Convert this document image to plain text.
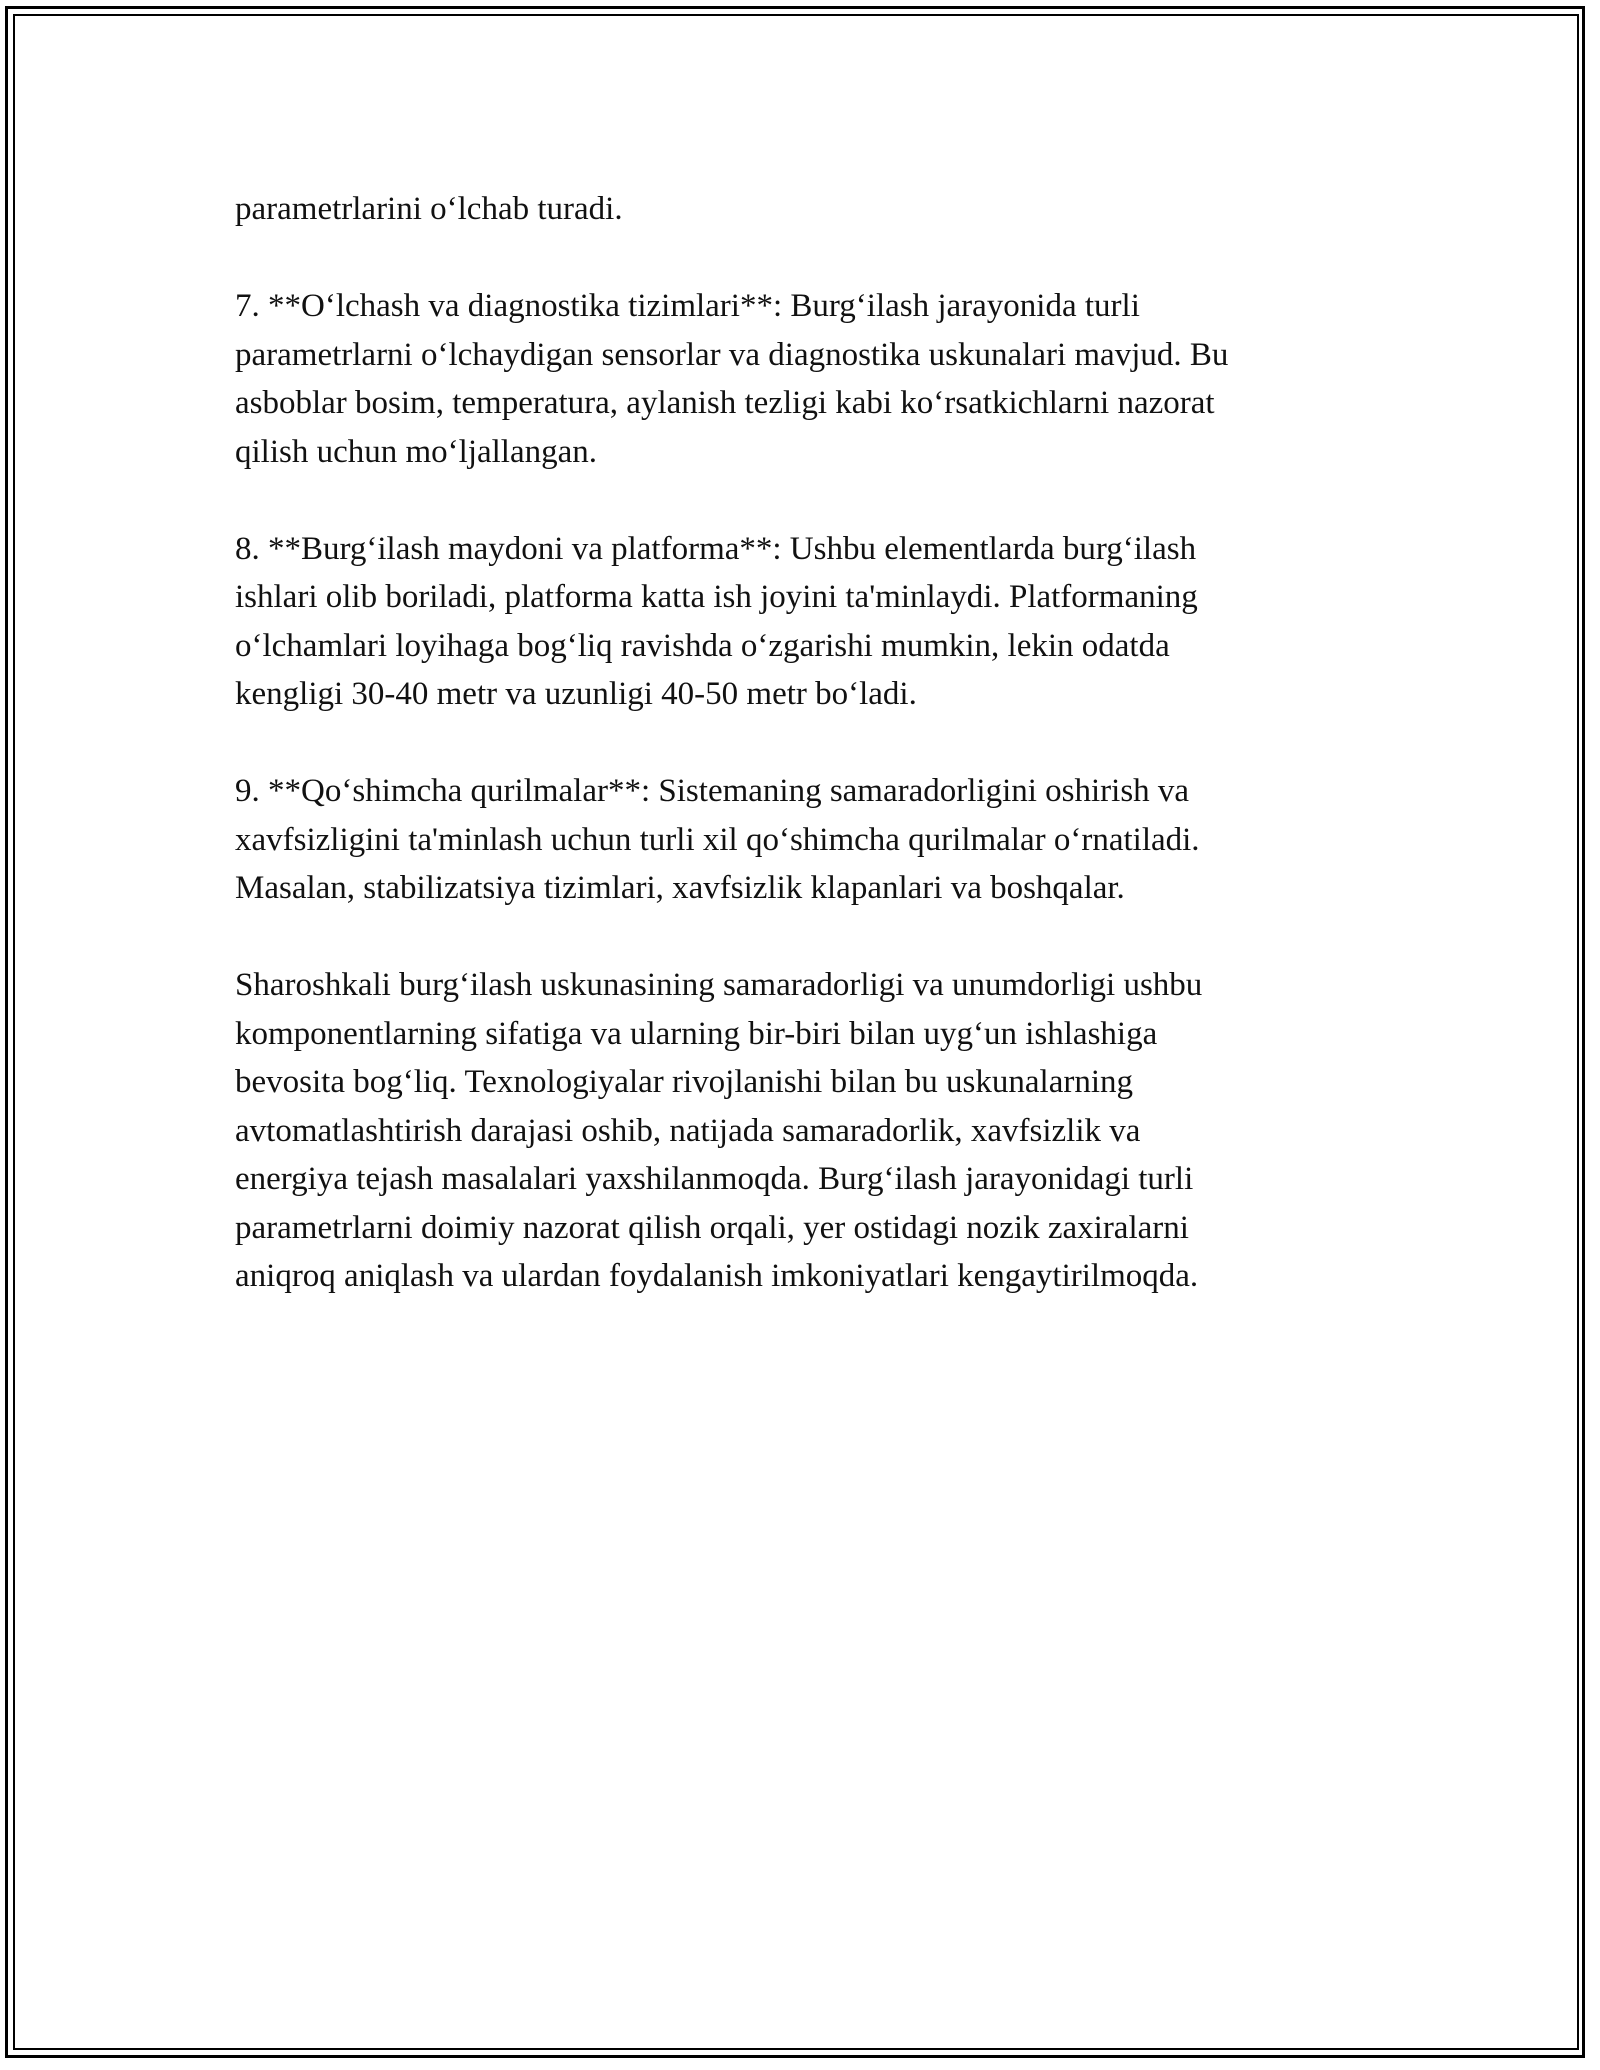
parametrlarini o‘lchab turadi.

7. **O‘lchash va diagnostika tizimlari**: Burg‘ilash jarayonida turli
parametrlarni o‘lchaydigan sensorlar va diagnostika uskunalari mavjud. Bu
asboblar bosim, temperatura, aylanish tezligi kabi ko‘rsatkichlarni nazorat
qilish uchun mo‘ljallangan.

8. **Burg‘ilash maydoni va platforma**: Ushbu elementlarda burg‘ilash
ishlari olib boriladi, platforma katta ish joyini ta'minlaydi. Platformaning
o‘lchamlari loyihaga bog‘liq ravishda o‘zgarishi mumkin, lekin odatda
kengligi 30-40 metr va uzunligi 40-50 metr bo‘ladi.

9. **Qo‘shimcha qurilmalar**: Sistemaning samaradorligini oshirish va
xavfsizligini ta'minlash uchun turli xil qo‘shimcha qurilmalar o‘rnatiladi.
Masalan, stabilizatsiya tizimlari, xavfsizlik klapanlari va boshqalar.

Sharoshkali burg‘ilash uskunasining samaradorligi va unumdorligi ushbu
komponentlarning sifatiga va ularning bir-biri bilan uyg‘un ishlashiga
bevosita bog‘liq. Texnologiyalar rivojlanishi bilan bu uskunalarning
avtomatlashtirish darajasi oshib, natijada samaradorlik, xavfsizlik va
energiya tejash masalalari yaxshilanmoqda. Burg‘ilash jarayonidagi turli
parametrlarni doimiy nazorat qilish orqali, yer ostidagi nozik zaxiralarni
aniqroq aniqlash va ulardan foydalanish imkoniyatlari kengaytirilmoqda.
